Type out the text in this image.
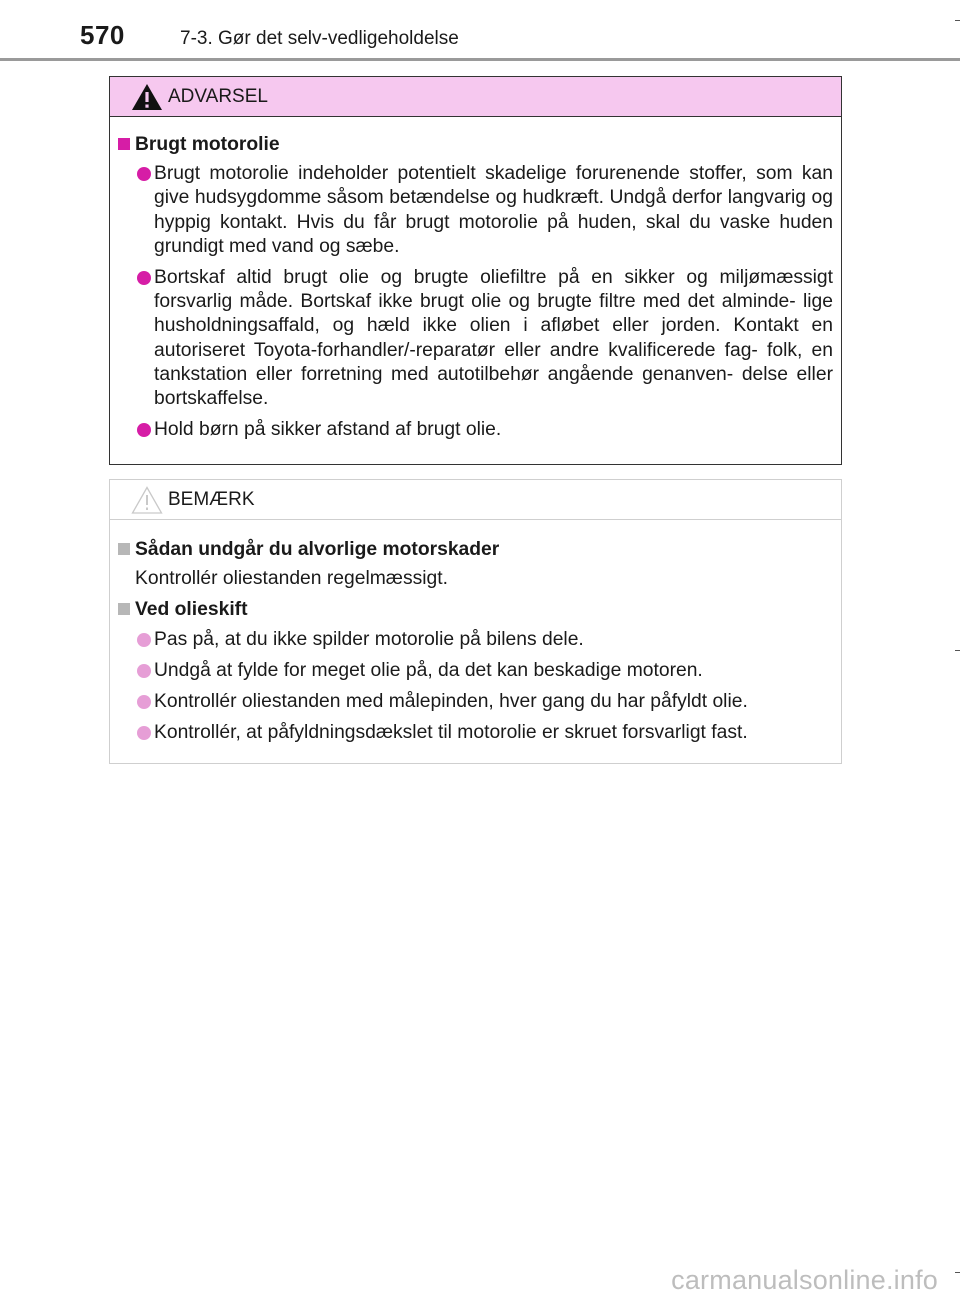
570	7-3. Gør det selv-vedligeholdelse
ADVARSEL
Brugt motorolie
Brugt motorolie indeholder potentielt skadelige forurenende stoffer, som kan give hudsygdomme såsom betændelse og hudkræft. Undgå derfor langvarig og hyppig kontakt. Hvis du får brugt motorolie på huden, skal du vaske huden grundigt med vand og sæbe.
Bortskaf altid brugt olie og brugte oliefiltre på en sikker og miljømæssigt forsvarlig måde. Bortskaf ikke brugt olie og brugte filtre med det alminde- lige husholdningsaffald, og hæld ikke olien i afløbet eller jorden. Kontakt en autoriseret Toyota-forhandler/-reparatør eller andre kvalificerede fag- folk, en tankstation eller forretning med autotilbehør angående genanven- delse eller bortskaffelse.
Hold børn på sikker afstand af brugt olie.
BEMÆRK
Sådan undgår du alvorlige motorskader
Kontrollér oliestanden regelmæssigt.
Ved olieskift
Pas på, at du ikke spilder motorolie på bilens dele.
Undgå at fylde for meget olie på, da det kan beskadige motoren.
Kontrollér oliestanden med målepinden, hver gang du har påfyldt olie.
Kontrollér, at påfyldningsdækslet til motorolie er skruet forsvarligt fast.
carmanualsonline.info
